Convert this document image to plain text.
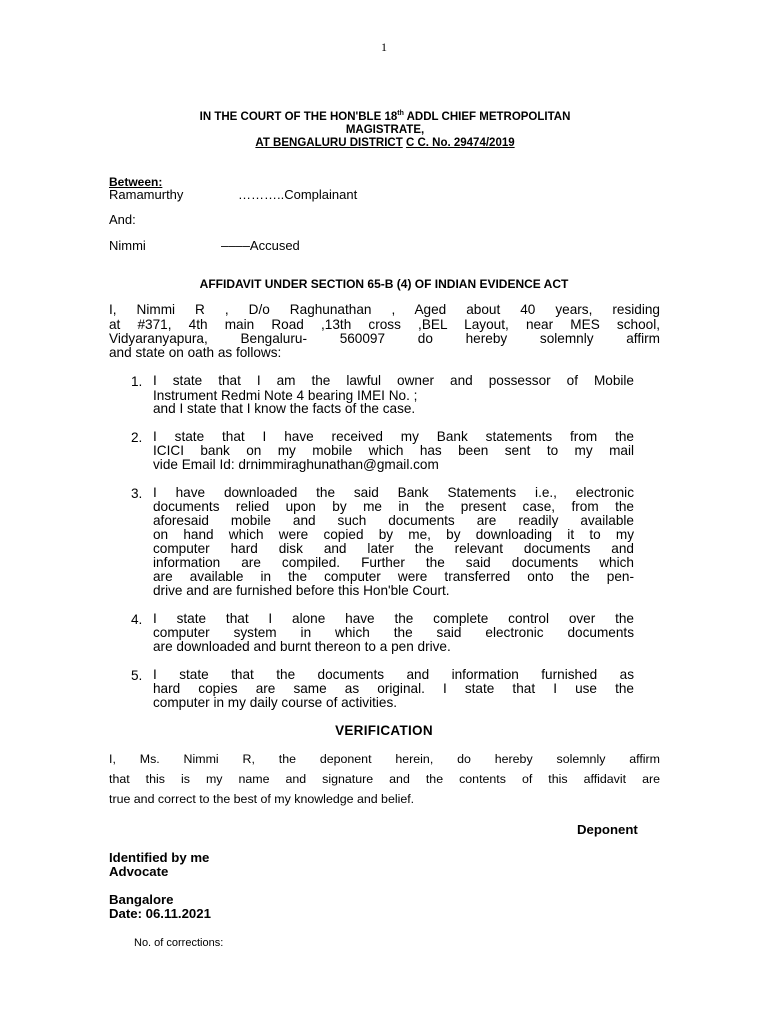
1
IN THE COURT OF THE HON'BLE 18th ADDL CHIEF METROPOLITAN
MAGISTRATE,
AT BENGALURU DISTRICT C C. No. 29474/2019
Between:
Ramamurthy	………..Complainant
And:
Nimmi	––––Accused
AFFIDAVIT UNDER SECTION 65-B (4) OF INDIAN EVIDENCE ACT
I, Nimmi R , D/o Raghunathan , Aged about 40 years, residing
at #371, 4th main Road ,13th cross ,BEL Layout, near MES school,
Vidyaranyapura, Bengaluru- 560097 do hereby solemnly affirm
and state on oath as follows:
1. I state that I am the lawful owner and possessor of Mobile
Instrument Redmi Note 4 bearing IMEI No. ;
and I state that I know the facts of the case.
2. I state that I have received my Bank statements from the
ICICI bank on my mobile which has been sent to my mail
vide Email Id: drnimmiraghunathan@gmail.com
3. I have downloaded the said Bank Statements i.e., electronic
documents relied upon by me in the present case, from the
aforesaid mobile and such documents are readily available
on hand which were copied by me, by downloading it to my
computer hard disk and later the relevant documents and
information are compiled. Further the said documents which
are available in the computer were transferred onto the pen-
drive and are furnished before this Hon'ble Court.
4. I state that I alone have the complete control over the
computer system in which the said electronic documents
are downloaded and burnt thereon to a pen drive.
5. I state that the documents and information furnished as
hard copies are same as original. I state that I use the
computer in my daily course of activities.
VERIFICATION
I, Ms. Nimmi R, the deponent herein, do hereby solemnly affirm
that this is my name and signature and the contents of this affidavit are
true and correct to the best of my knowledge and belief.
Deponent
Identified by me
Advocate
Bangalore
Date: 06.11.2021
No. of corrections:
